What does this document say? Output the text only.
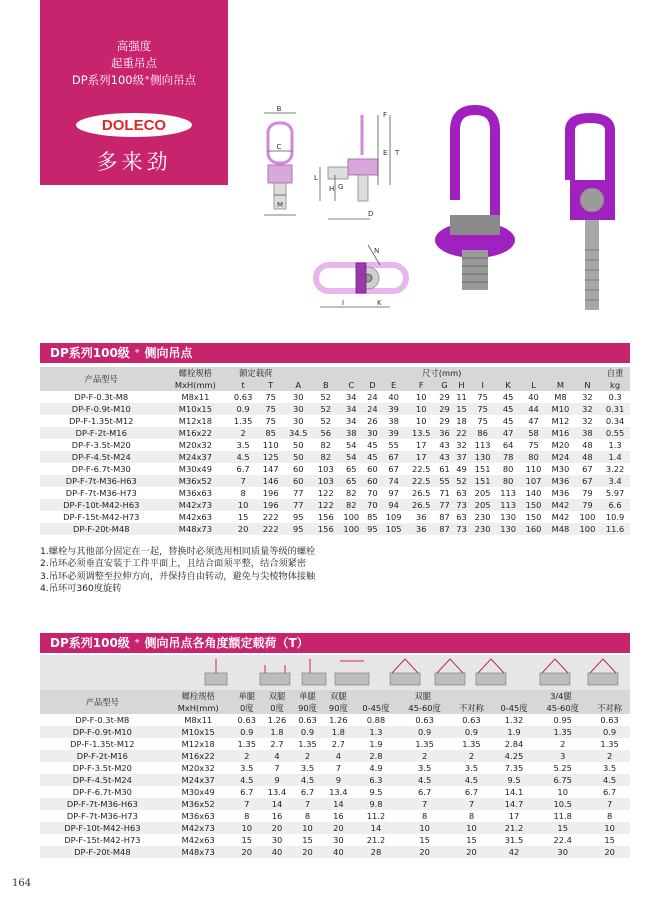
高强度
起重吊点
DP系列100级⁺侧向吊点
DOLECO
多来劲
B
C
M
F
E T
L
H G
D
N
I	K
DP系列100级 ⁺ 侧向吊点
产品型号	螺栓规格	额定载荷		尺寸(mm)													自重
	MxH(mm)	t	T	A	B	C	D	E	F	G	H	I	K	L	M	N	kg
DP-F-0.3t-M8	M8x11	0.63	75	30	52	34	24	40	10	29	11	75	45	40	M8	32	0.3
DP-F-0.9t-M10	M10x15	0.9	75	30	52	34	24	39	10	29	15	75	45	44	M10	32	0.31
DP-F-1.35t-M12	M12x18	1.35	75	30	52	34	26	38	10	29	18	75	45	47	M12	32	0.34
DP-F-2t-M16	M16x22	2	85	34.5	56	38	30	39	13.5	36	22	86	47	58	M16	38	0.55
DP-F-3.5t-M20	M20x32	3.5	110	50	82	54	45	55	17	43	32	113	64	75	M20	48	1.3
DP-F-4.5t-M24	M24x37	4.5	125	50	82	54	45	67	17	43	37	130	78	80	M24	48	1.4
DP-F-6.7t-M30	M30x49	6.7	147	60	103	65	60	67	22.5	61	49	151	80	110	M30	67	3.22
DP-F-7t-M36-H63	M36x52	7	146	60	103	65	60	74	22.5	55	52	151	80	107	M36	67	3.4
DP-F-7t-M36-H73	M36x63	8	196	77	122	82	70	97	26.5	71	63	205	113	140	M36	79	5.97
DP-F-10t-M42-H63	M42x73	10	196	77	122	82	70	94	26.5	77	73	205	113	150	M42	79	6.6
DP-F-15t-M42-H73	M42x63	15	222	95	156	100	85	109	36	87	63	230	130	150	M42	100	10.9
DP-F-20t-M48	M48x73	20	222	95	156	100	95	105	36	87	73	230	130	160	M48	100	11.6
1.螺栓与其他部分固定在一起，替换时必须选用相同质量等级的螺栓
2.吊环必须垂直安装于工件平面上，且结合面须平整，结合须紧密
3.吊环必须调整至拉伸方向，并保持自由转动，避免与尖棱物体接触
4.吊环可360度旋转
DP系列100级 ⁺ 侧向吊点各角度额定载荷（T）
产品型号	螺栓规格	单腿	双腿	单腿	双腿	双腿			3/4腿		
	MxH(mm)	0度	0度	90度	90度	0-45度	45-60度	不对称	0-45度	45-60度	不对称
DP-F-0.3t-M8	M8x11	0.63	1.26	0.63	1.26	0.88	0.63	0.63	1.32	0.95	0.63
DP-F-0.9t-M10	M10x15	0.9	1.8	0.9	1.8	1.3	0.9	0.9	1.9	1.35	0.9
DP-F-1.35t-M12	M12x18	1.35	2.7	1.35	2.7	1.9	1.35	1.35	2.84	2	1.35
DP-F-2t-M16	M16x22	2	4	2	4	2.8	2	2	4.25	3	2
DP-F-3.5t-M20	M20x32	3.5	7	3.5	7	4.9	3.5	3.5	7.35	5.25	3.5
DP-F-4.5t-M24	M24x37	4.5	9	4.5	9	6.3	4.5	4.5	9.5	6.75	4.5
DP-F-6.7t-M30	M30x49	6.7	13.4	6.7	13.4	9.5	6.7	6.7	14.1	10	6.7
DP-F-7t-M36-H63	M36x52	7	14	7	14	9.8	7	7	14.7	10.5	7
DP-F-7t-M36-H73	M36x63	8	16	8	16	11.2	8	8	17	11.8	8
DP-F-10t-M42-H63	M42x73	10	20	10	20	14	10	10	21.2	15	10
DP-F-15t-M42-H73	M42x63	15	30	15	30	21.2	15	15	31.5	22.4	15
DP-F-20t-M48	M48x73	20	40	20	40	28	20	20	42	30	20
164
